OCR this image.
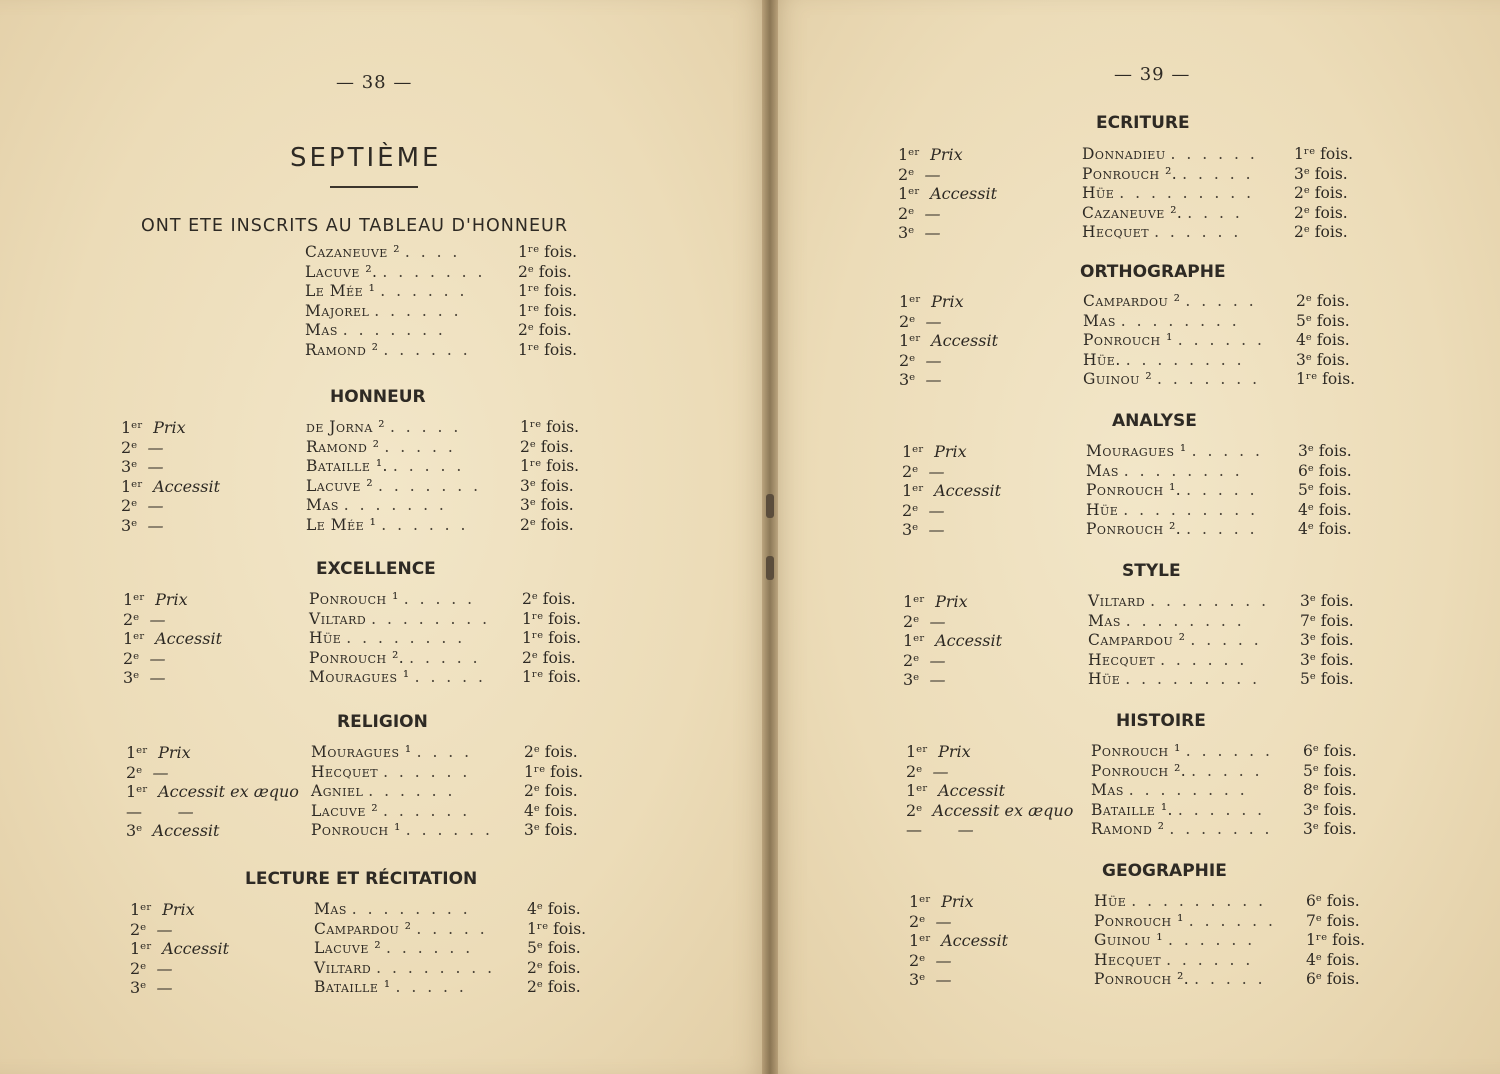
— 38 —	— 39 —
SEPTIÈME
ONT ETE INSCRITS AU TABLEAU D'HONNEUR
Cazaneuve ² . . . .	1ʳᵉ fois.
Lacuve ². . . . . . . . 2ᵉ fois.
Le Mée ¹ . . . . . .	1ʳᵉ fois.
Majorel . . . . . .	1ʳᵉ fois.
Mas . . . . . . .	2ᵉ fois.
Ramond ² . . . . . .	1ʳᵉ fois.
HONNEUR
1ᵉʳ Prix	de Jorna ² . . . . .	1ʳᵉ fois.
2ᵉ —	Ramond ² . . . . .	2ᵉ fois.
3ᵉ —	Bataille ¹. . . . . .	1ʳᵉ fois.
1ᵉʳ Accessit	Lacuve ² . . . . . . .	3ᵉ fois.
2ᵉ —	Mas . . . . . . .	3ᵉ fois.
3ᵉ —	Le Mée ¹ . . . . . .	2ᵉ fois.
EXCELLENCE
1ᵉʳ Prix	Ponrouch ¹ . . . . .	2ᵉ fois.
2ᵉ —	Viltard . . . . . . . . 1ʳᵉ fois.
1ᵉʳ Accessit	Hüe . . . . . . . .	1ʳᵉ fois.
2ᵉ —	Ponrouch ². . . . . .	2ᵉ fois.
3ᵉ —	Mouragues ¹ . . . . . 1ʳᵉ fois.
RELIGION
1ᵉʳ Prix	Mouragues ¹ . . . .	2ᵉ fois.
2ᵉ —	Hecquet . . . . . .	1ʳᵉ fois.
1ᵉʳ Accessit ex æquo Agniel . . . . . .	2ᵉ fois.
— —	Lacuve ² . . . . . .	4ᵉ fois.
3ᵉ Accessit	Ponrouch ¹ . . . . . . 3ᵉ fois.
LECTURE ET RÉCITATION
1ᵉʳ Prix	Mas . . . . . . . .	4ᵉ fois.
2ᵉ —	Campardou ² . . . . .	1ʳᵉ fois.
1ᵉʳ Accessit	Lacuve ² . . . . . .	5ᵉ fois.
2ᵉ —	Viltard . . . . . . . . 2ᵉ fois.
3ᵉ —	Bataille ¹ . . . . .	2ᵉ fois.
ECRITURE
1ᵉʳ Prix	Donnadieu . . . . . . 1ʳᵉ fois.
2ᵉ —	Ponrouch ². . . . . .	3ᵉ fois.
1ᵉʳ Accessit	Hüe . . . . . . . . .	2ᵉ fois.
2ᵉ —	Cazaneuve ². . . . .	2ᵉ fois.
3ᵉ —	Hecquet . . . . . .	2ᵉ fois.
ORTHOGRAPHE
1ᵉʳ Prix	Campardou ² . . . . .	2ᵉ fois.
2ᵉ —	Mas . . . . . . . .	5ᵉ fois.
1ᵉʳ Accessit	Ponrouch ¹ . . . . . . 4ᵉ fois.
2ᵉ —	Hüe. . . . . . . . .	3ᵉ fois.
3ᵉ —	Guinou ² . . . . . . . 1ʳᵉ fois.
ANALYSE
1ᵉʳ Prix	Mouragues ¹ . . . . . 3ᵉ fois.
2ᵉ —	Mas . . . . . . . .	6ᵉ fois.
1ᵉʳ Accessit	Ponrouch ¹. . . . . .	5ᵉ fois.
2ᵉ —	Hüe . . . . . . . . .	4ᵉ fois.
3ᵉ —	Ponrouch ². . . . . .	4ᵉ fois.
STYLE
1ᵉʳ Prix	Viltard . . . . . . . . 3ᵉ fois.
2ᵉ —	Mas . . . . . . . .	7ᵉ fois.
1ᵉʳ Accessit	Campardou ² . . . . . 3ᵉ fois.
2ᵉ —	Hecquet . . . . . .	3ᵉ fois.
3ᵉ —	Hüe . . . . . . . . .	5ᵉ fois.
HISTOIRE
1ᵉʳ Prix	Ponrouch ¹ . . . . . . 6ᵉ fois.
2ᵉ —	Ponrouch ². . . . . .	5ᵉ fois.
1ᵉʳ Accessit	Mas . . . . . . . .	8ᵉ fois.
2ᵉ Accessit ex æquo Bataille ¹. . . . . . . 3ᵉ fois.
— —	Ramond ² . . . . . . . 3ᵉ fois.
GEOGRAPHIE
1ᵉʳ Prix	Hüe . . . . . . . . .	6ᵉ fois.
2ᵉ —	Ponrouch ¹ . . . . . . 7ᵉ fois.
1ᵉʳ Accessit	Guinou ¹ . . . . . .	1ʳᵉ fois.
2ᵉ —	Hecquet . . . . . .	4ᵉ fois.
3ᵉ —	Ponrouch ². . . . . .	6ᵉ fois.
